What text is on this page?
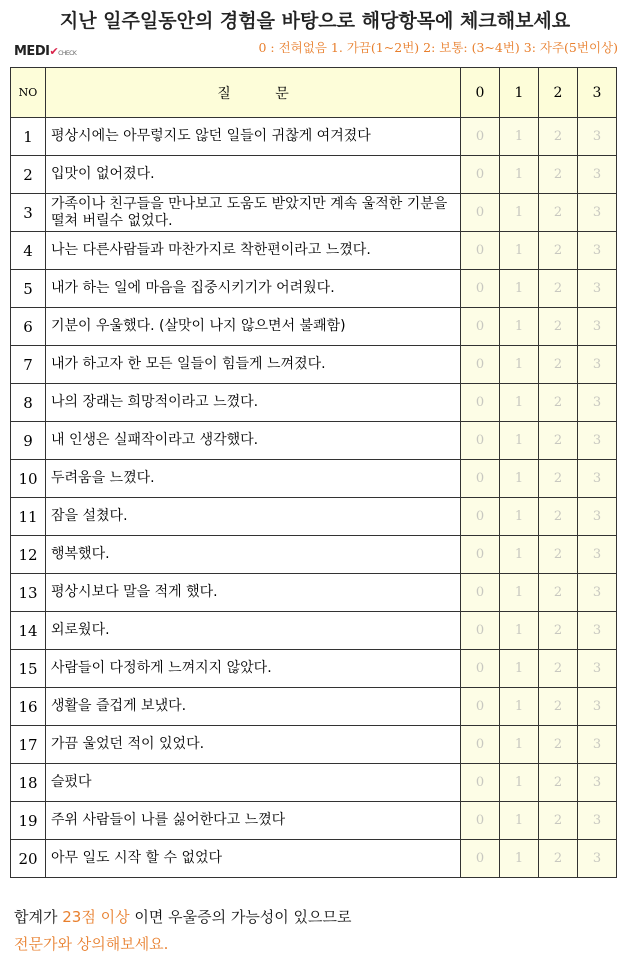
지난 일주일동안의 경험을 바탕으로 해당항목에 체크해보세요
MEDI✔CHECK	0 : 전혀없음 1. 가끔(1~2번) 2: 보통: (3~4번) 3: 자주(5번이상)
NO	질          문	0	1	2	3
1	평상시에는 아무렇지도 않던 일들이 귀찮게 여겨졌다	0	1	2	3
2	입맛이 없어졌다.	0	1	2	3
3	가족이나 친구들을 만나보고 도움도 받았지만 계속 울적한 기분을 떨쳐 버릴수 없었다.	0	1	2	3
4	나는 다른사람들과 마찬가지로 착한편이라고 느꼈다.	0	1	2	3
5	내가 하는 일에 마음을 집중시키기가 어려웠다.	0	1	2	3
6	기분이 우울했다. (살맛이 나지 않으면서 불쾌함)	0	1	2	3
7	내가 하고자 한 모든 일들이 힘들게 느껴졌다.	0	1	2	3
8	나의 장래는 희망적이라고 느꼈다.	0	1	2	3
9	내 인생은 실패작이라고 생각했다.	0	1	2	3
10	두려움을 느꼈다.	0	1	2	3
11	잠을 설쳤다.	0	1	2	3
12	행복했다.	0	1	2	3
13	평상시보다 말을 적게 했다.	0	1	2	3
14	외로웠다.	0	1	2	3
15	사람들이 다정하게 느껴지지 않았다.	0	1	2	3
16	생활을 즐겁게 보냈다.	0	1	2	3
17	가끔 울었던 적이 있었다.	0	1	2	3
18	슬펐다	0	1	2	3
19	주위 사람들이 나를 싫어한다고 느꼈다	0	1	2	3
20	아무 일도 시작 할 수 없었다	0	1	2	3
합계가 23점 이상 이면 우울증의 가능성이 있으므로
전문가와 상의해보세요.
